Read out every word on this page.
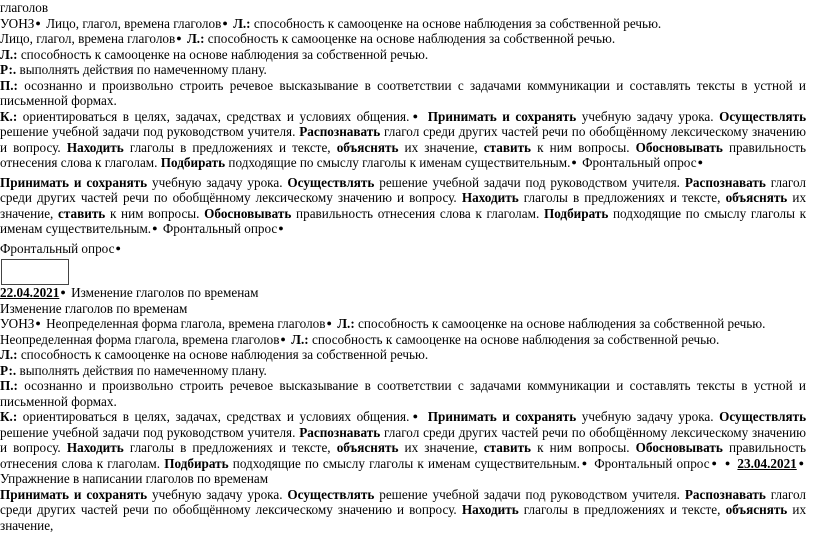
глаголов

УОНЗ● Лицо, глагол, времена глаголов● Л.: способность к самооценке на основе наблюдения за собственной речью.

Лицо, глагол, времена глаголов● Л.: способность к самооценке на основе наблюдения за собственной речью.

Л.: способность к самооценке на основе наблюдения за собственной речью.

Р:. выполнять действия по намеченному плану.

П.: осознанно и произвольно строить речевое высказывание в соответствии с задачами коммуникации и составлять тексты в устной и письменной формах.

К.: ориентироваться в целях, задачах, средствах и условиях общения.● Принимать и сохранять учебную задачу урока. Осуществлять решение учебной задачи под руководством учителя. Распознавать глагол среди других частей речи по обобщённому лексическому значению и вопросу. Находить глаголы в предложениях и тексте, объяснять их значение, ставить к ним вопросы. Обосновывать правильность отнесения слова к глаголам. Подбирать подходящие по смыслу глаголы к именам существительным.● Фронтальный опрос●

Принимать и сохранять учебную задачу урока. Осуществлять решение учебной задачи под руководством учителя. Распознавать глагол среди других частей речи по обобщённому лексическому значению и вопросу. Находить глаголы в предложениях и тексте, объяснять их значение, ставить к ним вопросы. Обосновывать правильность отнесения слова к глаголам. Подбирать подходящие по смыслу глаголы к именам существительным.● Фронтальный опрос●

Фронтальный опрос●

22.04.2021● Изменение глаголов по временам

Изменение глаголов по временам

УОНЗ● Неопределенная форма глагола, времена глаголов● Л.: способность к самооценке на основе наблюдения за собственной речью.

Неопределенная форма глагола, времена глаголов● Л.: способность к самооценке на основе наблюдения за собственной речью.

Л.: способность к самооценке на основе наблюдения за собственной речью.

Р:. выполнять действия по намеченному плану.

П.: осознанно и произвольно строить речевое высказывание в соответствии с задачами коммуникации и составлять тексты в устной и письменной формах.

К.: ориентироваться в целях, задачах, средствах и условиях общения.● Принимать и сохранять учебную задачу урока. Осуществлять решение учебной задачи под руководством учителя. Распознавать глагол среди других частей речи по обобщённому лексическому значению и вопросу. Находить глаголы в предложениях и тексте, объяснять их значение, ставить к ним вопросы. Обосновывать правильность отнесения слова к глаголам. Подбирать подходящие по смыслу глаголы к именам существительным.● Фронтальный опрос● ● 23.04.2021● Упражнение в написании глаголов по временам

Принимать и сохранять учебную задачу урока. Осуществлять решение учебной задачи под руководством учителя. Распознавать глагол среди других частей речи по обобщённому лексическому значению и вопросу. Находить глаголы в предложениях и тексте, объяснять их значение,
